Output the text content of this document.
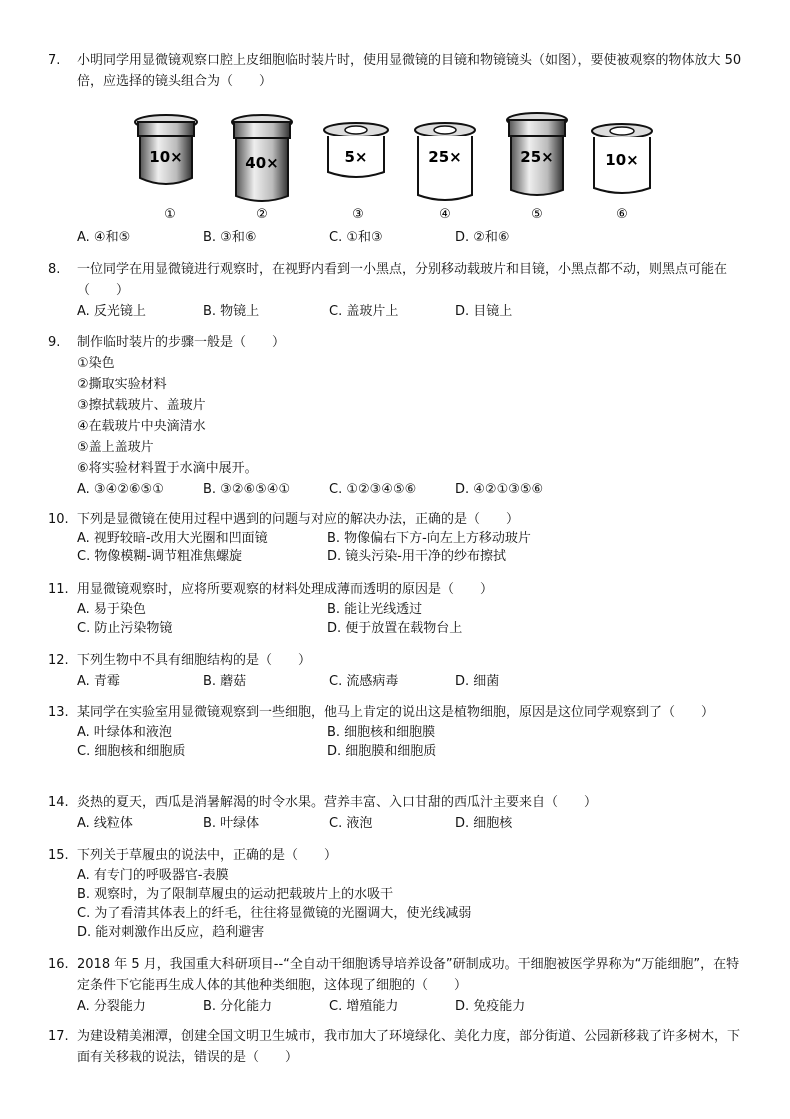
7.	小明同学用显微镜观察口腔上皮细胞临时装片时，使用显微镜的目镜和物镜镜头（如图），要使被观察的物体放大 50 倍，应选择的镜头组合为（　　）
10×
①
40×
②
5×
③
25×
④
25×
⑤
10×
⑥
A. ④和⑤	B. ③和⑥	C. ①和③	D. ②和⑥
8.	一位同学在用显微镜进行观察时，在视野内看到一小黑点，分别移动载玻片和目镜，小黑点都不动，则黑点可能在（　　）
A. 反光镜上	B. 物镜上	C. 盖玻片上	D. 目镜上
9.	制作临时装片的步骤一般是（　　）
①染色
②撕取实验材料
③擦拭载玻片、盖玻片
④在载玻片中央滴清水
⑤盖上盖玻片
⑥将实验材料置于水滴中展开。
A. ③④②⑥⑤①	B. ③②⑥⑤④①	C. ①②③④⑤⑥	D. ④②①③⑤⑥
10. 下列是显微镜在使用过程中遇到的问题与对应的解决办法，正确的是（　　）
A. 视野较暗-改用大光圈和凹面镜	B. 物像偏右下方-向左上方移动玻片
C. 物像模糊-调节粗准焦螺旋	D. 镜头污染-用干净的纱布擦拭
11. 用显微镜观察时，应将所要观察的材料处理成薄而透明的原因是（　　）
A. 易于染色	B. 能让光线透过
C. 防止污染物镜	D. 便于放置在载物台上
12. 下列生物中不具有细胞结构的是（　　）
A. 青霉	B. 蘑菇	C. 流感病毒	D. 细菌
13. 某同学在实验室用显微镜观察到一些细胞，他马上肯定的说出这是植物细胞，原因是这位同学观察到了（　　）
A. 叶绿体和液泡	B. 细胞核和细胞膜
C. 细胞核和细胞质	D. 细胞膜和细胞质
14. 炎热的夏天，西瓜是消暑解渴的时令水果。营养丰富、入口甘甜的西瓜汁主要来自（　　）
A. 线粒体	B. 叶绿体	C. 液泡	D. 细胞核
15. 下列关于草履虫的说法中，正确的是（　　）
A. 有专门的呼吸器官-表膜
B. 观察时，为了限制草履虫的运动把载玻片上的水吸干
C. 为了看清其体表上的纤毛，往往将显微镜的光圈调大，使光线减弱
D. 能对刺激作出反应，趋利避害
16. 2018 年 5 月，我国重大科研项目--“全自动干细胞诱导培养设备”研制成功。干细胞被医学界称为“万能细胞”，在特定条件下它能再生成人体的其他种类细胞，这体现了细胞的（　　）
A. 分裂能力	B. 分化能力	C. 增殖能力	D. 免疫能力
17. 为建设精美湘潭，创建全国文明卫生城市，我市加大了环境绿化、美化力度，部分街道、公园新移栽了许多树木，下面有关移栽的说法，错误的是（　　）
